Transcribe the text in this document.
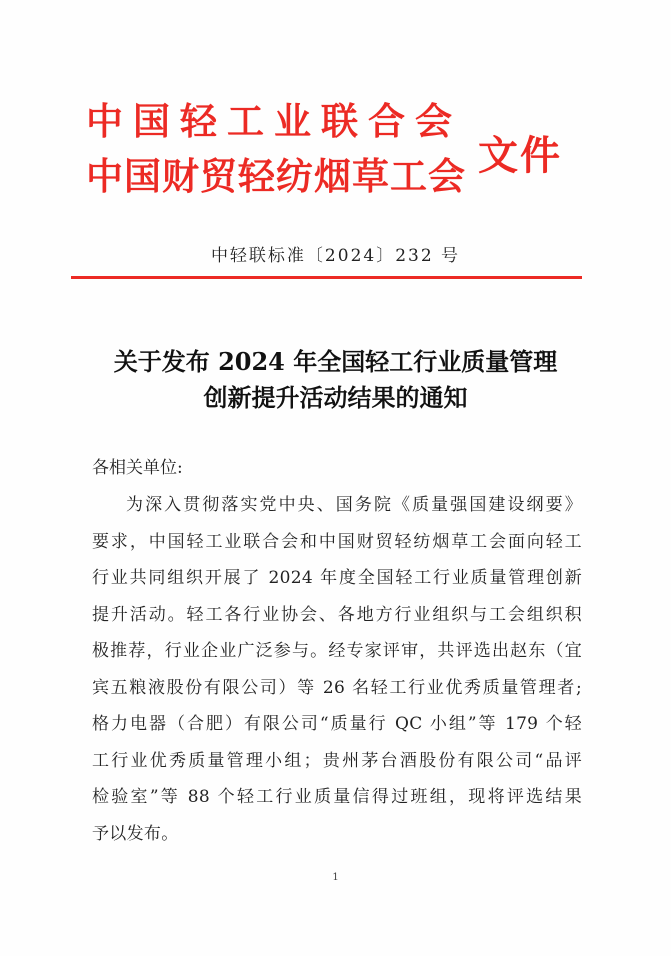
中国轻工业联合会
中国财贸轻纺烟草工会 文件
中轻联标准〔2024〕232 号
关于发布 2024 年全国轻工行业质量管理
创新提升活动结果的通知
各相关单位:
为深入贯彻落实党中央、国务院《质量强国建设纲要》
要求，中国轻工业联合会和中国财贸轻纺烟草工会面向轻工
行业共同组织开展了 2024 年度全国轻工行业质量管理创新
提升活动。轻工各行业协会、各地方行业组织与工会组织积
极推荐，行业企业广泛参与。经专家评审，共评选出赵东（宜
宾五粮液股份有限公司）等 26 名轻工行业优秀质量管理者;
格力电器（合肥）有限公司“质量行 QC 小组”等 179 个轻
工行业优秀质量管理小组；贵州茅台酒股份有限公司“品评
检验室”等 88 个轻工行业质量信得过班组，现将评选结果
予以发布。
1
